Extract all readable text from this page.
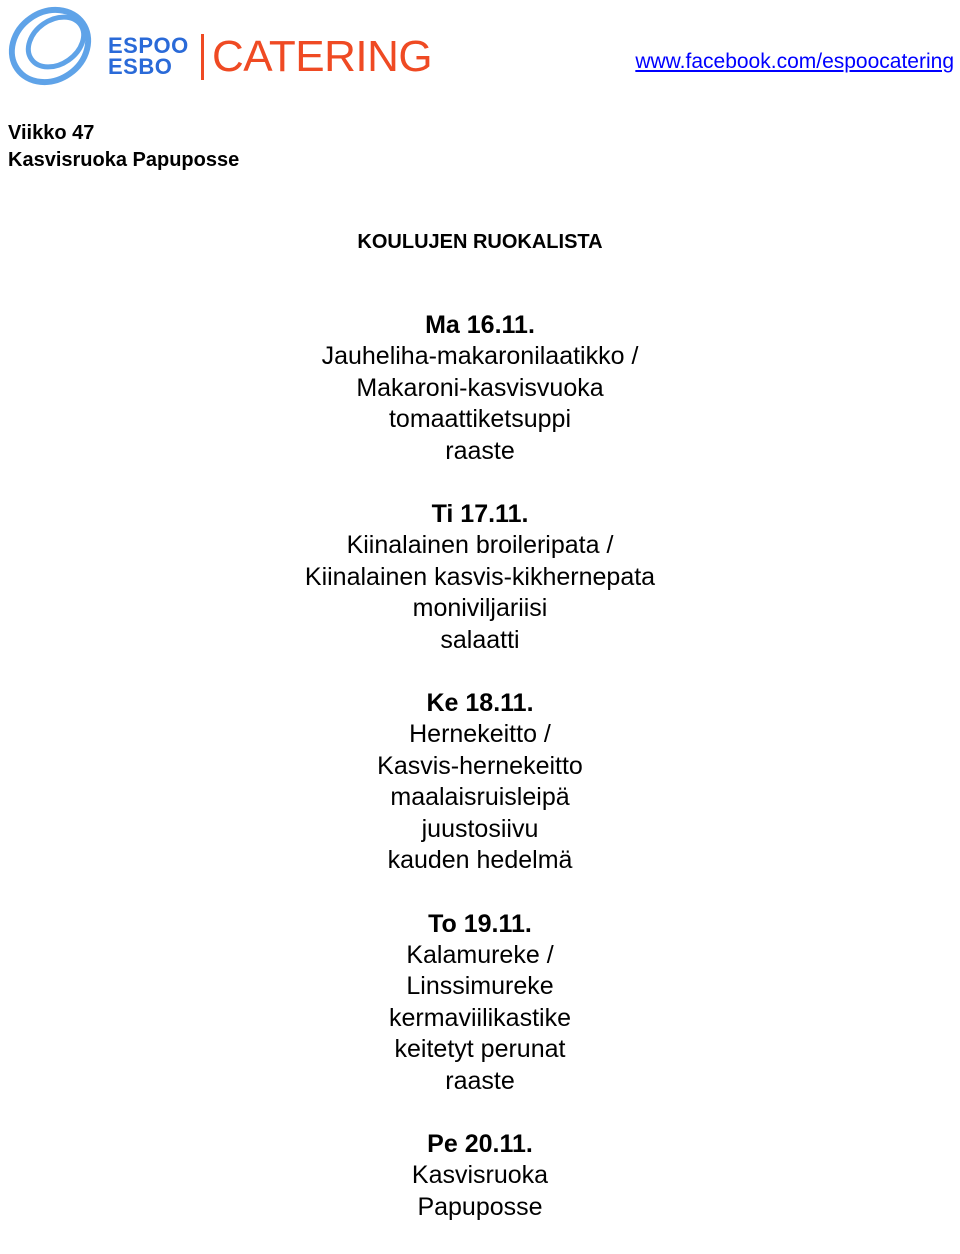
ESPOO
ESBO CATERING	www.facebook.com/espoocatering

Viikko 47

Kasvisruoka Papuposse

KOULUJEN RUOKALISTA

Ma 16.11.

Jauheliha-makaronilaatikko /

Makaroni-kasvisvuoka

tomaattiketsuppi

raaste

Ti 17.11.

Kiinalainen broileripata /

Kiinalainen kasvis-kikhernepata

moniviljariisi

salaatti

Ke 18.11.

Hernekeitto /

Kasvis-hernekeitto

maalaisruisleipä

juustosiivu

kauden hedelmä

To 19.11.

Kalamureke /

Linssimureke

kermaviilikastike

keitetyt perunat

raaste

Pe 20.11.

Kasvisruoka

Papuposse
